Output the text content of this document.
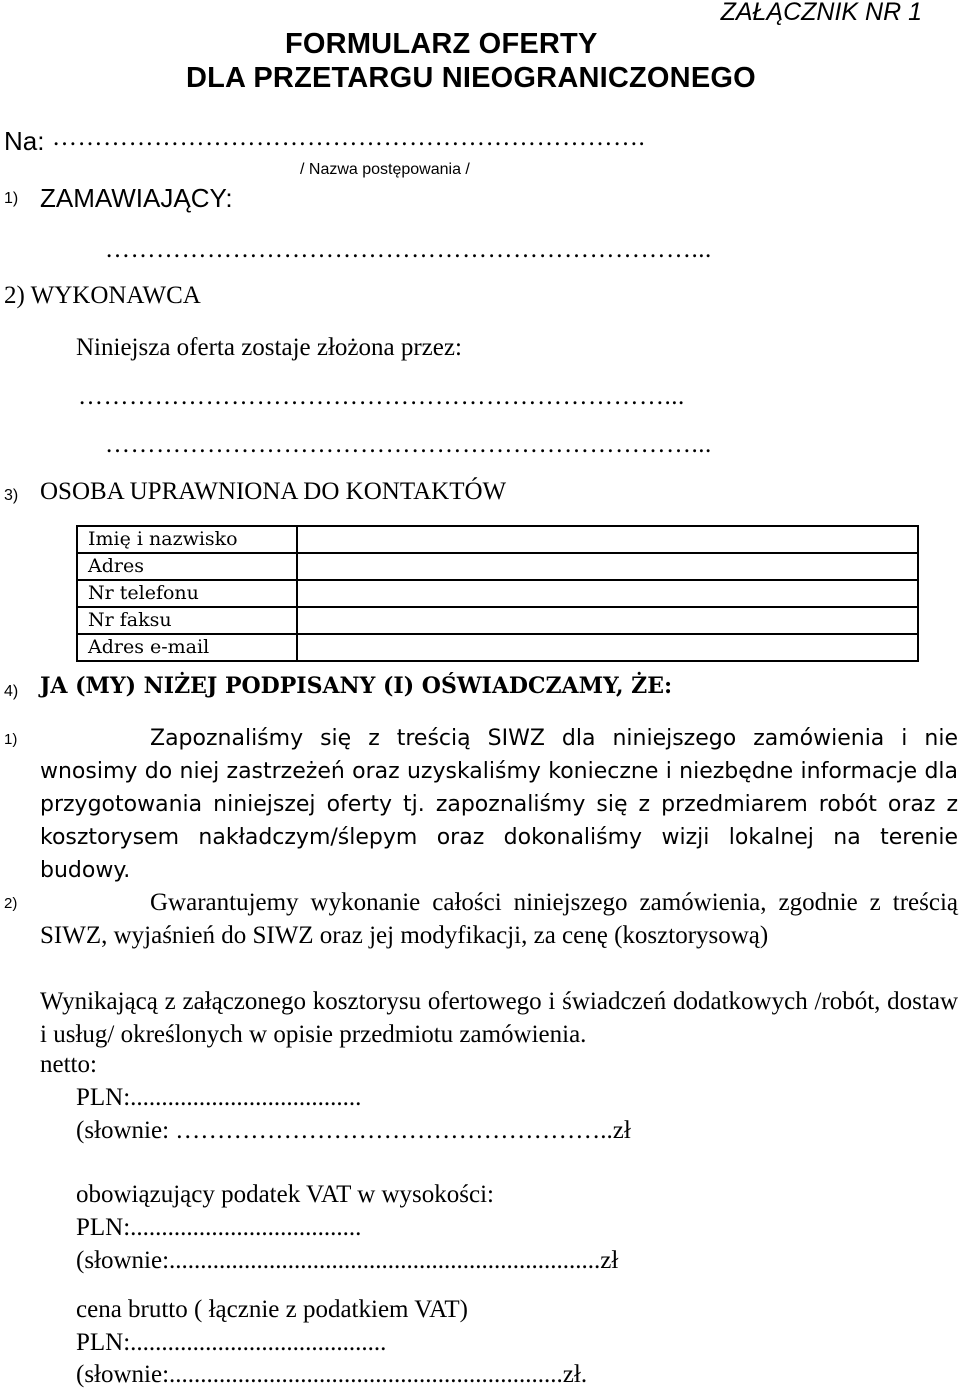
ZAŁĄCZNIK NR 1
FORMULARZ OFERTY
DLA PRZETARGU NIEOGRANICZONEGO
Na: …………………………………………………………….
/ Nazwa postępowania /
1) ZAMAWIAJĄCY:
……………………………………………………………...
2) WYKONAWCA
Niniejsza oferta zostaje złożona przez:
……………………………………………………………...
……………………………………………………………...
3) OSOBA UPRAWNIONA DO KONTAKTÓW
Imię i nazwisko	
Adres	
Nr telefonu	
Nr faksu	
Adres e-mail	
4) JA (MY) NIŻEJ PODPISANY (I) OŚWIADCZAMY, ŻE:
1)	Zapoznaliśmy się z treścią SIWZ dla niniejszego zamówienia i nie wnosimy do niej zastrzeżeń oraz uzyskaliśmy konieczne i niezbędne informacje dla przygotowania niniejszej oferty tj. zapoznaliśmy się z przedmiarem robót oraz z kosztorysem nakładczym/ślepym oraz dokonaliśmy wizji lokalnej na terenie budowy.
2)	Gwarantujemy wykonanie całości niniejszego zamówienia, zgodnie z treścią SIWZ, wyjaśnień do SIWZ oraz jej modyfikacji, za cenę (kosztorysową)
Wynikającą z załączonego kosztorysu ofertowego i świadczeń dodatkowych /robót, dostaw i usług/ określonych w opisie przedmiotu zamówienia.
netto:
PLN:.....................................
(słownie: ……………………………………………..zł
obowiązujący podatek VAT w wysokości:
PLN:.....................................
(słownie:.....................................................................zł
cena brutto ( łącznie z podatkiem VAT)
PLN:.........................................
(słownie:...............................................................zł.
